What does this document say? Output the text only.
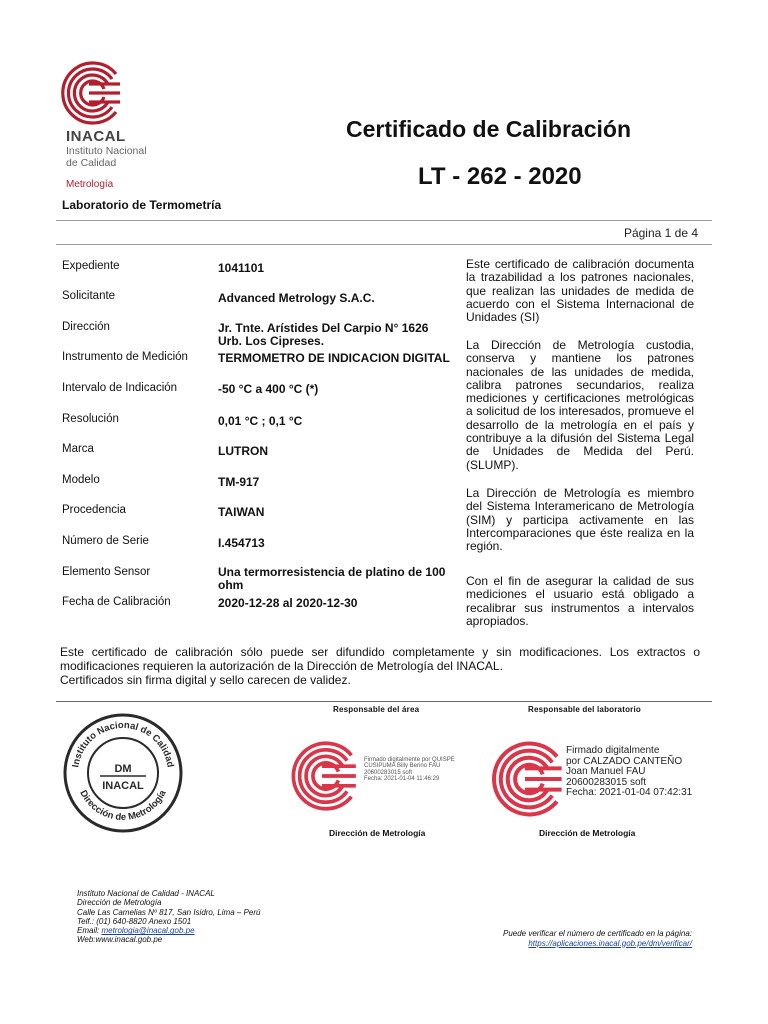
INACAL
Instituto Nacional
de Calidad
Metrología
Certificado de Calibración
LT - 262 - 2020
Laboratorio de Termometría
Página 1 de 4
Expediente	1041101
Solicitante	Advanced Metrology S.A.C.
Dirección	Jr. Tnte. Arístides Del Carpio N° 1626 Urb. Los Cipreses.
Instrumento de Medición	TERMOMETRO DE INDICACION DIGITAL
Intervalo de Indicación	-50 °C a 400 °C (*)
Resolución	0,01 °C ; 0,1 °C
Marca	LUTRON
Modelo	TM-917
Procedencia	TAIWAN
Número de Serie	I.454713
Elemento Sensor	Una termorresistencia de platino de 100 ohm
Fecha de Calibración	2020-12-28 al 2020-12-30
Este certificado de calibración documenta la trazabilidad a los patrones nacionales, que realizan las unidades de medida de acuerdo con el Sistema Internacional de Unidades (SI)
La Dirección de Metrología custodia, conserva y mantiene los patrones nacionales de las unidades de medida, calibra patrones secundarios, realiza mediciones y certificaciones metrológicas a solicitud de los interesados, promueve el desarrollo de la metrología en el país y contribuye a la difusión del Sistema Legal de Unidades de Medida del Perú. (SLUMP).
La Dirección de Metrología es miembro del Sistema Interamericano de Metrología (SIM) y participa activamente en las Intercomparaciones que éste realiza en la región.
Con el fin de asegurar la calidad de sus mediciones el usuario está obligado a recalibrar sus instrumentos a intervalos apropiados.
Este certificado de calibración sólo puede ser difundido completamente y sin modificaciones. Los extractos o modificaciones requieren la autorización de la Dirección de Metrología del INACAL.
Certificados sin firma digital y sello carecen de validez.
Responsable del área	Responsable del laboratorio
Instituto Nacional de Calidad
Dirección de Metrología
DM
INACAL
Firmado digitalmente por QUISPE
CUSIPUMA Billy Berino FAU
20600283015 soft
Fecha: 2021-01-04 11:46:29
Firmado digitalmente
por CALZADO CANTEÑO
Joan Manuel FAU
20600283015 soft
Fecha: 2021-01-04 07:42:31
Dirección de Metrología	Dirección de Metrología
Instituto Nacional de Calidad - INACAL
Dirección de Metrología
Calle Las Camelias Nº 817, San Isidro, Lima – Perú
Telf.: (01) 640-8820 Anexo 1501
Email: metrologia@inacal.gob.pe
Web:www.inacal.gob.pe
Puede verificar el número de certificado en la página:
https://aplicaciones.inacal.gob.pe/dm/verificar/
